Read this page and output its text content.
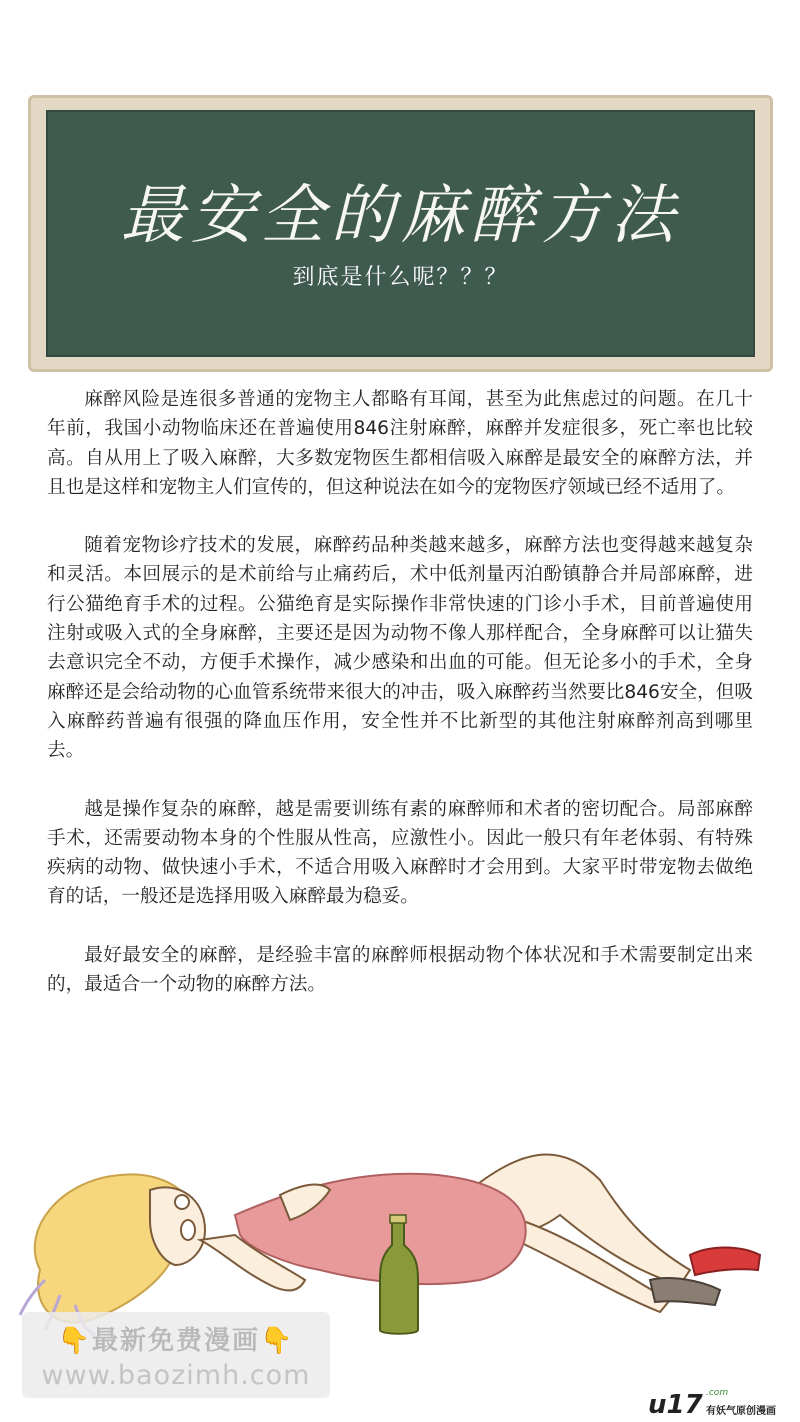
最安全的麻醉方法
到底是什么呢？？？

麻醉风险是连很多普通的宠物主人都略有耳闻，甚至为此焦虑过的问题。在几十年前，我国小动物临床还在普遍使用846注射麻醉，麻醉并发症很多，死亡率也比较高。自从用上了吸入麻醉，大多数宠物医生都相信吸入麻醉是最安全的麻醉方法，并且也是这样和宠物主人们宣传的，但这种说法在如今的宠物医疗领域已经不适用了。

随着宠物诊疗技术的发展，麻醉药品种类越来越多，麻醉方法也变得越来越复杂和灵活。本回展示的是术前给与止痛药后，术中低剂量丙泊酚镇静合并局部麻醉，进行公猫绝育手术的过程。公猫绝育是实际操作非常快速的门诊小手术，目前普遍使用注射或吸入式的全身麻醉，主要还是因为动物不像人那样配合，全身麻醉可以让猫失去意识完全不动，方便手术操作，减少感染和出血的可能。但无论多小的手术，全身麻醉还是会给动物的心血管系统带来很大的冲击，吸入麻醉药当然要比846安全，但吸入麻醉药普遍有很强的降血压作用，安全性并不比新型的其他注射麻醉剂高到哪里去。

越是操作复杂的麻醉，越是需要训练有素的麻醉师和术者的密切配合。局部麻醉手术，还需要动物本身的个性服从性高，应激性小。因此一般只有年老体弱、有特殊疾病的动物、做快速小手术，不适合用吸入麻醉时才会用到。大家平时带宠物去做绝育的话，一般还是选择用吸入麻醉最为稳妥。

最好最安全的麻醉，是经验丰富的麻醉师根据动物个体状况和手术需要制定出来的，最适合一个动物的麻醉方法。

👇最新免费漫画👇
www.baozimh.com
u17 .com
有妖气原创漫画
